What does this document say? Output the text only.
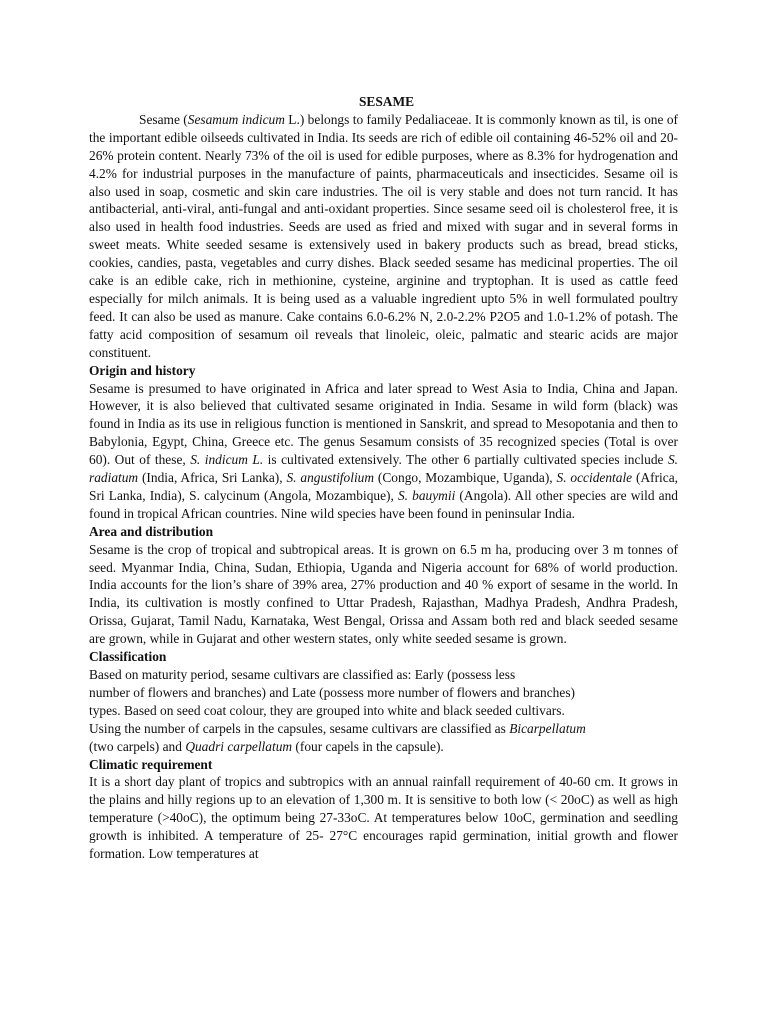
SESAME

Sesame (Sesamum indicum L.) belongs to family Pedaliaceae. It is commonly known as til, is one of the important edible oilseeds cultivated in India. Its seeds are rich of edible oil containing 46-52% oil and 20-26% protein content. Nearly 73% of the oil is used for edible purposes, where as 8.3% for hydrogenation and 4.2% for industrial purposes in the manufacture of paints, pharmaceuticals and insecticides. Sesame oil is also used in soap, cosmetic and skin care industries. The oil is very stable and does not turn rancid. It has antibacterial, anti-viral, anti-fungal and anti-oxidant properties. Since sesame seed oil is cholesterol free, it is also used in health food industries. Seeds are used as fried and mixed with sugar and in several forms in sweet meats. White seeded sesame is extensively used in bakery products such as bread, bread sticks, cookies, candies, pasta, vegetables and curry dishes. Black seeded sesame has medicinal properties. The oil cake is an edible cake, rich in methionine, cysteine, arginine and tryptophan. It is used as cattle feed especially for milch animals. It is being used as a valuable ingredient upto 5% in well formulated poultry feed. It can also be used as manure. Cake contains 6.0-6.2% N, 2.0-2.2% P2O5 and 1.0-1.2% of potash. The fatty acid composition of sesamum oil reveals that linoleic, oleic, palmatic and stearic acids are major constituent.

Origin and history

Sesame is presumed to have originated in Africa and later spread to West Asia to India, China and Japan. However, it is also believed that cultivated sesame originated in India. Sesame in wild form (black) was found in India as its use in religious function is mentioned in Sanskrit, and spread to Mesopotania and then to Babylonia, Egypt, China, Greece etc. The genus Sesamum consists of 35 recognized species (Total is over 60). Out of these, S. indicum L. is cultivated extensively. The other 6 partially cultivated species include S. radiatum (India, Africa, Sri Lanka), S. angustifolium (Congo, Mozambique, Uganda), S. occidentale (Africa, Sri Lanka, India), S. calycinum (Angola, Mozambique), S. bauymii (Angola). All other species are wild and found in tropical African countries. Nine wild species have been found in peninsular India.

Area and distribution

Sesame is the crop of tropical and subtropical areas. It is grown on 6.5 m ha, producing over 3 m tonnes of seed. Myanmar India, China, Sudan, Ethiopia, Uganda and Nigeria account for 68% of world production. India accounts for the lion’s share of 39% area, 27% production and 40 % export of sesame in the world. In India, its cultivation is mostly confined to Uttar Pradesh, Rajasthan, Madhya Pradesh, Andhra Pradesh, Orissa, Gujarat, Tamil Nadu, Karnataka, West Bengal, Orissa and Assam both red and black seeded sesame are grown, while in Gujarat and other western states, only white seeded sesame is grown.

Classification

Based on maturity period, sesame cultivars are classified as: Early (possess less
number of flowers and branches) and Late (possess more number of flowers and branches)
types. Based on seed coat colour, they are grouped into white and black seeded cultivars.
Using the number of carpels in the capsules, sesame cultivars are classified as Bicarpellatum
(two carpels) and Quadri carpellatum (four capels in the capsule).

Climatic requirement

It is a short day plant of tropics and subtropics with an annual rainfall requirement of 40-60 cm. It grows in the plains and hilly regions up to an elevation of 1,300 m. It is sensitive to both low (< 20oC) as well as high temperature (>40oC), the optimum being 27-33oC. At temperatures below 10oC, germination and seedling growth is inhibited. A temperature of 25- 27°C encourages rapid germination, initial growth and flower formation. Low temperatures at
